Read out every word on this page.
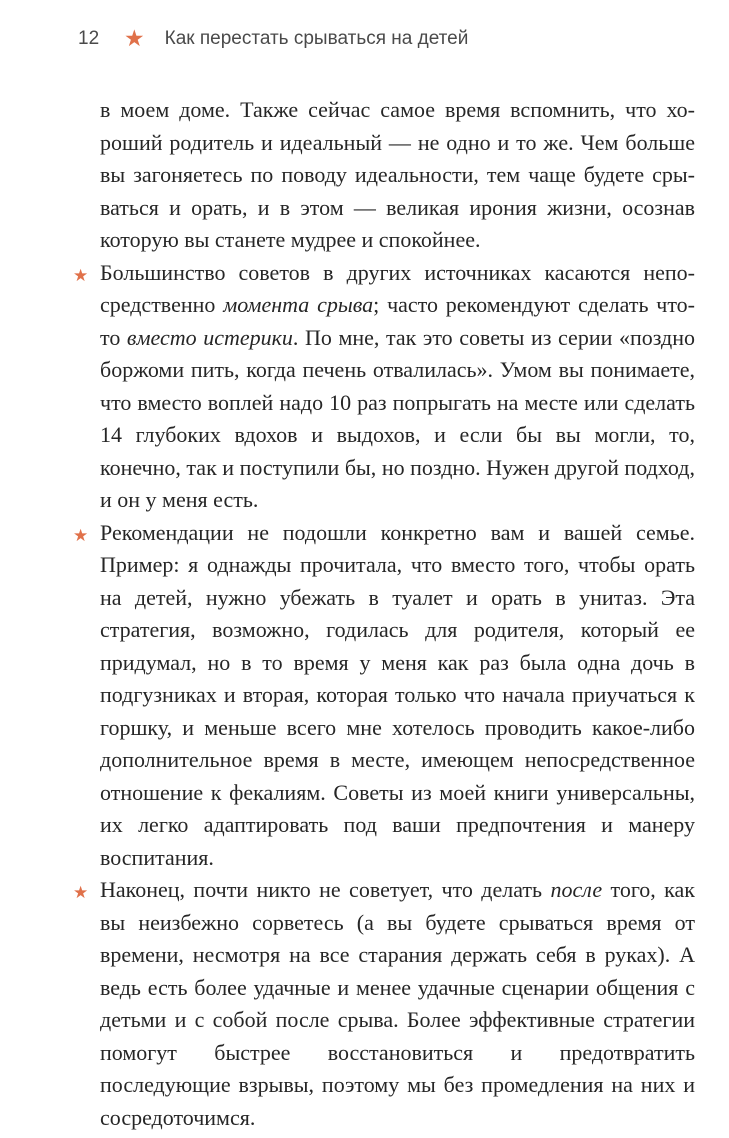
12 ★ Как перестать срываться на детей

в моем доме. Также сейчас самое время вспомнить, что хороший родитель и идеальный — не одно и то же. Чем больше вы загоняетесь по поводу идеальности, тем чаще будете срываться и орать, и в этом — великая ирония жизни, осознав которую вы станете мудрее и спокойнее.

★ Большинство советов в других источниках касаются непосредственно момента срыва; часто рекомендуют сделать что-то вместо истерики. По мне, так это советы из серии «поздно боржоми пить, когда печень отвалилась». Умом вы понимаете, что вместо воплей надо 10 раз попрыгать на месте или сделать 14 глубоких вдохов и выдохов, и если бы вы могли, то, конечно, так и поступили бы, но поздно. Нужен другой подход, и он у меня есть.

★ Рекомендации не подошли конкретно вам и вашей семье. Пример: я однажды прочитала, что вместо того, чтобы орать на детей, нужно убежать в туалет и орать в унитаз. Эта стратегия, возможно, годилась для родителя, который ее придумал, но в то время у меня как раз была одна дочь в подгузниках и вторая, которая только что начала приучаться к горшку, и меньше всего мне хотелось проводить какое-либо дополнительное время в месте, имеющем непосредственное отношение к фекалиям. Советы из моей книги универсальны, их легко адаптировать под ваши предпочтения и манеру воспитания.

★ Наконец, почти никто не советует, что делать после того, как вы неизбежно сорветесь (а вы будете срываться время от времени, несмотря на все старания держать себя в руках). А ведь есть более удачные и менее удачные сценарии общения с детьми и с собой после срыва. Более эффективные стратегии помогут быстрее восстановиться и предотвратить последующие взрывы, поэтому мы без промедления на них и сосредоточимся.
